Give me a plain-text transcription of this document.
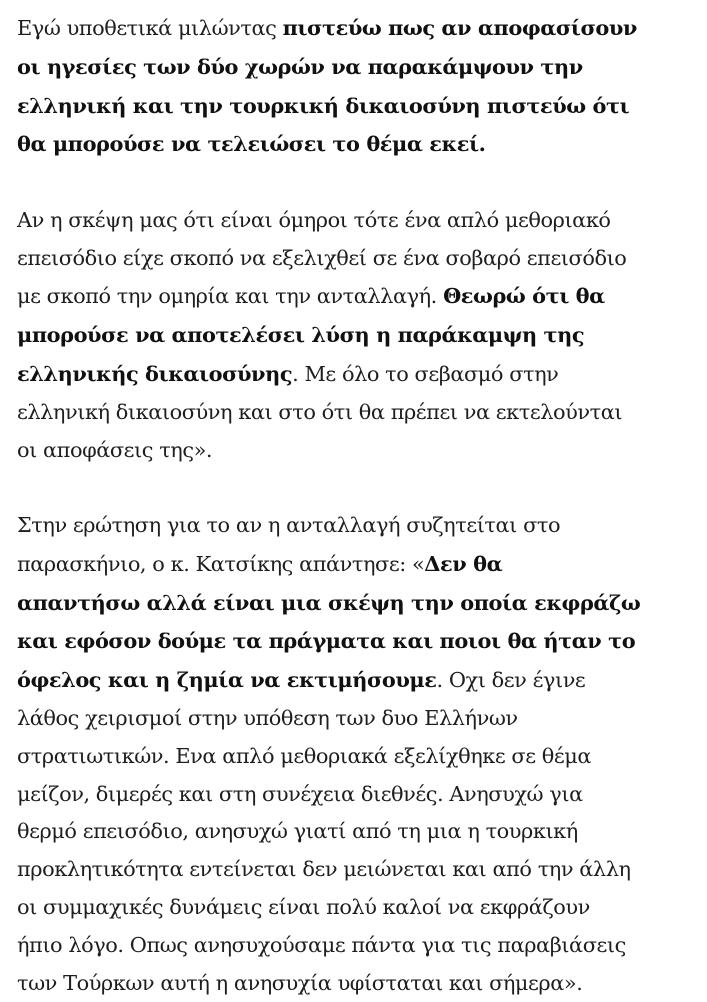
Εγώ υποθετικά μιλώντας πιστεύω πως αν αποφασίσουν
οι ηγεσίες των δύο χωρών να παρακάμψουν την
ελληνική και την τουρκική δικαιοσύνη πιστεύω ότι
θα μπορούσε να τελειώσει το θέμα εκεί.

Αν η σκέψη μας ότι είναι όμηροι τότε ένα απλό μεθοριακό
επεισόδιο είχε σκοπό να εξελιχθεί σε ένα σοβαρό επεισόδιο
με σκοπό την ομηρία και την ανταλλαγή. Θεωρώ ότι θα
μπορούσε να αποτελέσει λύση η παράκαμψη της
ελληνικής δικαιοσύνης. Με όλο το σεβασμό στην
ελληνική δικαιοσύνη και στο ότι θα πρέπει να εκτελούνται
οι αποφάσεις της».

Στην ερώτηση για το αν η ανταλλαγή συζητείται στο
παρασκήνιο, ο κ. Κατσίκης απάντησε: «Δεν θα
απαντήσω αλλά είναι μια σκέψη την οποία εκφράζω
και εφόσον δούμε τα πράγματα και ποιοι θα ήταν το
όφελος και η ζημία να εκτιμήσουμε. Οχι δεν έγινε
λάθος χειρισμοί στην υπόθεση των δυο Ελλήνων
στρατιωτικών. Ενα απλό μεθοριακά εξελίχθηκε σε θέμα
μείζον, διμερές και στη συνέχεια διεθνές. Ανησυχώ για
θερμό επεισόδιο, ανησυχώ γιατί από τη μια η τουρκική
προκλητικότητα εντείνεται δεν μειώνεται και από την άλλη
οι συμμαχικές δυνάμεις είναι πολύ καλοί να εκφράζουν
ήπιο λόγο. Οπως ανησυχούσαμε πάντα για τις παραβιάσεις
των Τούρκων αυτή η ανησυχία υφίσταται και σήμερα».
